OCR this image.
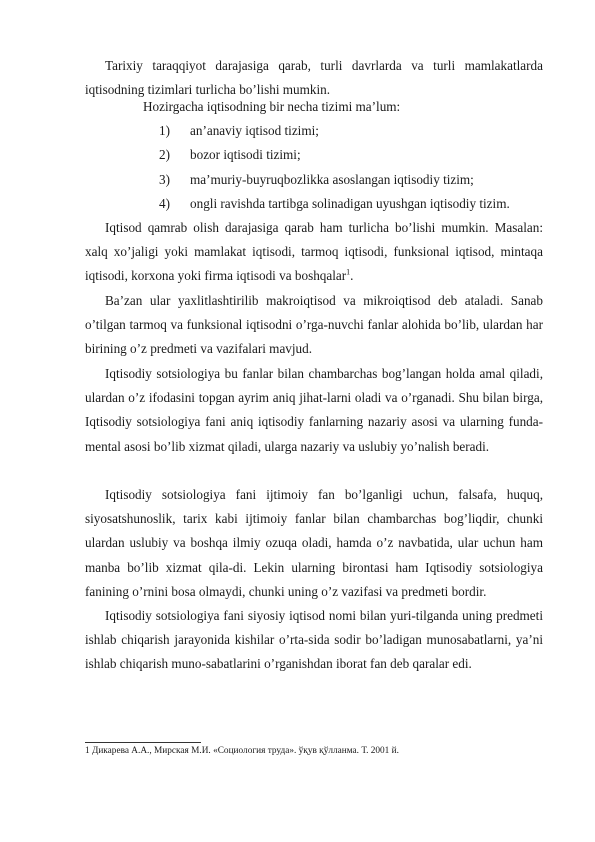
Tarixiy taraqqiyot darajasiga qarab, turli davrlarda va turli mamlakatlarda iqtisodning tizimlari turlicha bo’lishi mumkin.

Hozirgacha iqtisodning bir necha tizimi ma’lum:

1) an’anaviy iqtisod tizimi;
2) bozor iqtisodi tizimi;
3) ma’muriy-buyruqbozlikka asoslangan iqtisodiy tizim;
4) ongli ravishda tartibga solinadigan uyushgan iqtisodiy tizim.

Iqtisod qamrab olish darajasiga qarab ham turlicha bo’lishi mumkin. Masalan: xalq xo’jaligi yoki mamlakat iqtisodi, tarmoq iqtisodi, funksional iqtisod, mintaqa iqtisodi, korxona yoki firma iqtisodi va boshqalar$^1$.

Ba’zan ular yaxlitlashtirilib makroiqtisod va mikroiqtisod deb ataladi. Sanab o’tilgan tarmoq va funksional iqtisodni o’rga-nuvchi fanlar alohida bo’lib, ulardan har birining o’z predmeti va vazifalari mavjud.

Iqtisodiy sotsiologiya bu fanlar bilan chambarchas bog’langan holda amal qiladi, ulardan o’z ifodasini topgan ayrim aniq jihat-larni oladi va o’rganadi. Shu bilan birga, Iqtisodiy sotsiologiya fani aniq iqtisodiy fanlarning nazariy asosi va ularning funda-mental asosi bo’lib xizmat qiladi, ularga nazariy va uslubiy yo’nalish beradi.

Iqtisodiy sotsiologiya fani ijtimoiy fan bo’lganligi uchun, falsafa, huquq, siyosatshunoslik, tarix kabi ijtimoiy fanlar bilan chambarchas bog’liqdir, chunki ulardan uslubiy va boshqa ilmiy ozuqa oladi, hamda o’z navbatida, ular uchun ham manba bo’lib xizmat qila-di. Lekin ularning birontasi ham Iqtisodiy sotsiologiya fanining o’rnini bosa olmaydi, chunki uning o’z vazifasi va predmeti bordir.

Iqtisodiy sotsiologiya fani siyosiy iqtisod nomi bilan yuri-tilganda uning predmeti ishlab chiqarish jarayonida kishilar o’rta-sida sodir bo’ladigan munosabatlarni, ya’ni ishlab chiqarish muno-sabatlarini o’rganishdan iborat fan deb qaralar edi.

1 Дикарева А.А., Мирская М.И. «Социология труда». ўқув қўлланма. Т. 2001 й.
